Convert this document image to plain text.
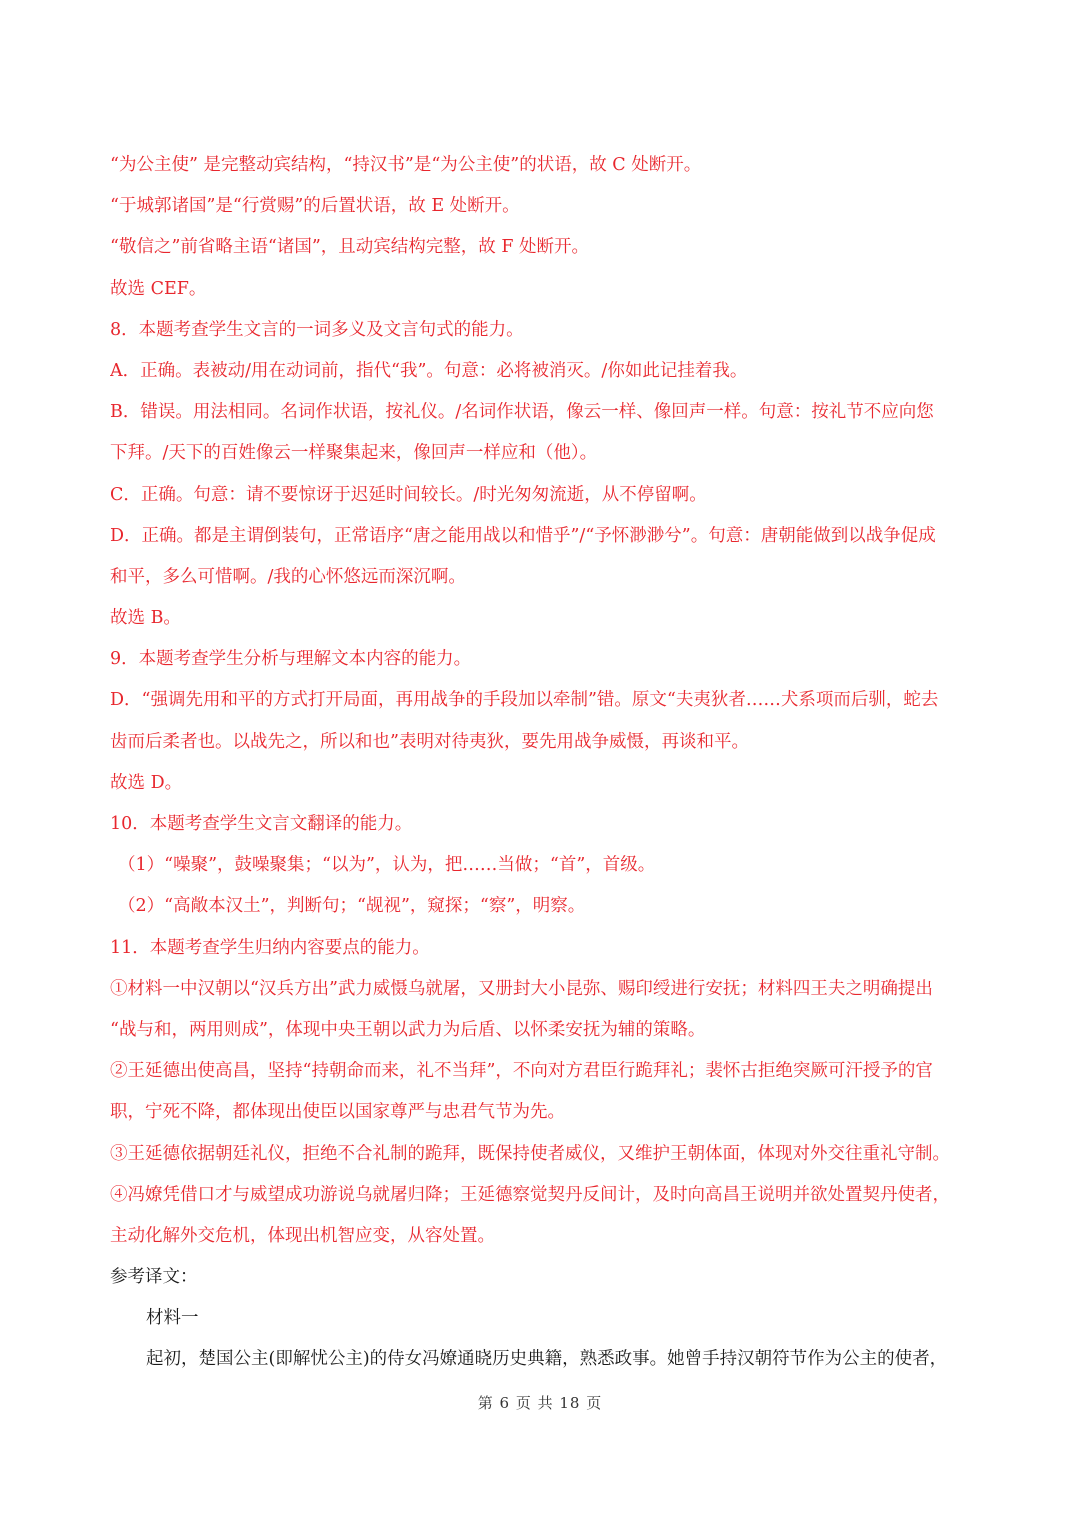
“为公主使” 是完整动宾结构，“持汉书”是“为公主使”的状语，故 C 处断开。
“于城郭诸国”是“行赏赐”的后置状语，故 E 处断开。
“敬信之”前省略主语“诸国”，且动宾结构完整，故 F 处断开。
故选 CEF。
8．本题考查学生文言的一词多义及文言句式的能力。
A．正确。表被动/用在动词前，指代“我”。句意：必将被消灭。/你如此记挂着我。
B．错误。用法相同。名词作状语，按礼仪。/名词作状语，像云一样、像回声一样。句意：按礼节不应向您
下拜。/天下的百姓像云一样聚集起来，像回声一样应和（他）。
C．正确。句意：请不要惊讶于迟延时间较长。/时光匆匆流逝，从不停留啊。
D．正确。都是主谓倒装句，正常语序“唐之能用战以和惜乎”/“予怀渺渺兮”。句意：唐朝能做到以战争促成
和平，多么可惜啊。/我的心怀悠远而深沉啊。
故选 B。
9．本题考查学生分析与理解文本内容的能力。
D．“强调先用和平的方式打开局面，再用战争的手段加以牵制”错。原文“夫夷狄者……犬系项而后驯，蛇去
齿而后柔者也。以战先之，所以和也”表明对待夷狄，要先用战争威慑，再谈和平。
故选 D。
10．本题考查学生文言文翻译的能力。
（1）“噪聚”，鼓噪聚集；“以为”，认为，把……当做；“首”，首级。
（2）“高敞本汉土”，判断句；“觇视”，窥探；“察”，明察。
11．本题考查学生归纳内容要点的能力。
①材料一中汉朝以“汉兵方出”武力威慑乌就屠，又册封大小昆弥、赐印绶进行安抚；材料四王夫之明确提出
“战与和，两用则成”，体现中央王朝以武力为后盾、以怀柔安抚为辅的策略。
②王延德出使高昌，坚持“持朝命而来，礼不当拜”，不向对方君臣行跪拜礼；裴怀古拒绝突厥可汗授予的官
职，宁死不降，都体现出使臣以国家尊严与忠君气节为先。
③王延德依据朝廷礼仪，拒绝不合礼制的跪拜，既保持使者威仪，又维护王朝体面，体现对外交往重礼守制。
④冯嫽凭借口才与威望成功游说乌就屠归降；王延德察觉契丹反间计，及时向高昌王说明并欲处置契丹使者，
主动化解外交危机，体现出机智应变，从容处置。
参考译文：
材料一
起初，楚国公主(即解忧公主)的侍女冯嫽通晓历史典籍，熟悉政事。她曾手持汉朝符节作为公主的使者，
第 6 页 共 18 页
